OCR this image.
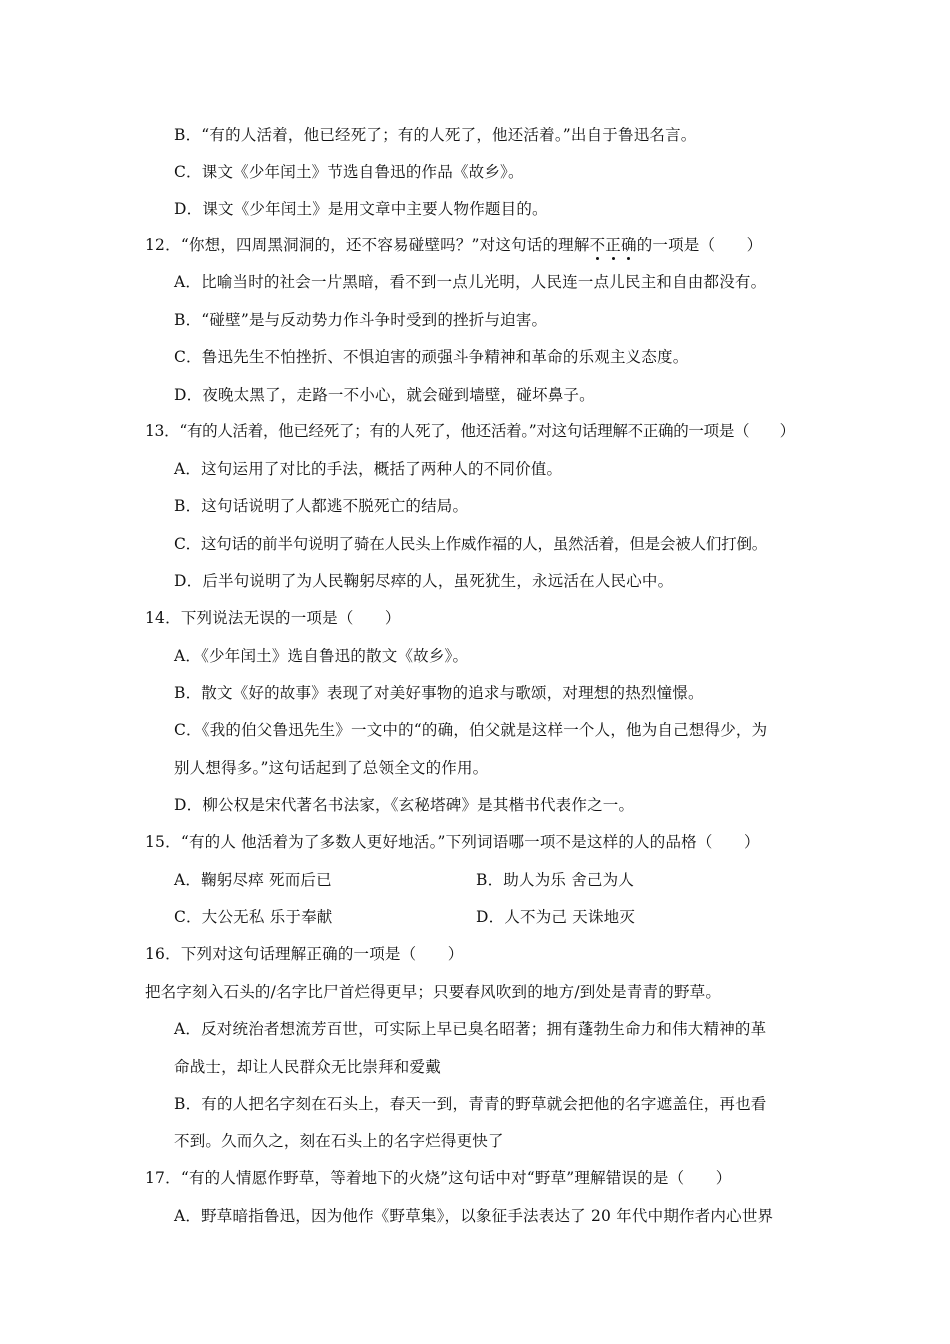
B．“有的人活着，他已经死了；有的人死了，他还活着。”出自于鲁迅名言。
C．课文《少年闰土》节选自鲁迅的作品《故乡》。
D．课文《少年闰土》是用文章中主要人物作题目的。
12．“你想，四周黑洞洞的，还不容易碰壁吗？”对这句话的理解不正确的一项是（　　）
A．比喻当时的社会一片黑暗，看不到一点儿光明，人民连一点儿民主和自由都没有。
B．“碰壁”是与反动势力作斗争时受到的挫折与迫害。
C．鲁迅先生不怕挫折、不惧迫害的顽强斗争精神和革命的乐观主义态度。
D．夜晚太黑了，走路一不小心，就会碰到墙壁，碰坏鼻子。
13．“有的人活着，他已经死了；有的人死了，他还活着。”对这句话理解不正确的一项是（　　）
A．这句运用了对比的手法，概括了两种人的不同价值。
B．这句话说明了人都逃不脱死亡的结局。
C．这句话的前半句说明了骑在人民头上作威作福的人，虽然活着，但是会被人们打倒。
D．后半句说明了为人民鞠躬尽瘁的人，虽死犹生，永远活在人民心中。
14．下列说法无误的一项是（　　）
A．《少年闰土》选自鲁迅的散文《故乡》。
B．散文《好的故事》表现了对美好事物的追求与歌颂，对理想的热烈憧憬。
C．《我的伯父鲁迅先生》一文中的“的确，伯父就是这样一个人，他为自己想得少，为
别人想得多。”这句话起到了总领全文的作用。
D．柳公权是宋代著名书法家，《玄秘塔碑》是其楷书代表作之一。
15．“有的人 他活着为了多数人更好地活。”下列词语哪一项不是这样的人的品格（　　）
A．鞠躬尽瘁 死而后已	B．助人为乐 舍己为人
C．大公无私 乐于奉献	D．人不为己 天诛地灭
16．下列对这句话理解正确的一项是（　　）
把名字刻入石头的/名字比尸首烂得更早；只要春风吹到的地方/到处是青青的野草。
A．反对统治者想流芳百世，可实际上早已臭名昭著；拥有蓬勃生命力和伟大精神的革
命战士，却让人民群众无比崇拜和爱戴
B．有的人把名字刻在石头上，春天一到，青青的野草就会把他的名字遮盖住，再也看
不到。久而久之，刻在石头上的名字烂得更快了
17．“有的人情愿作野草，等着地下的火烧”这句话中对“野草”理解错误的是（　　）
A．野草暗指鲁迅，因为他作《野草集》，以象征手法表达了 20 年代中期作者内心世界
